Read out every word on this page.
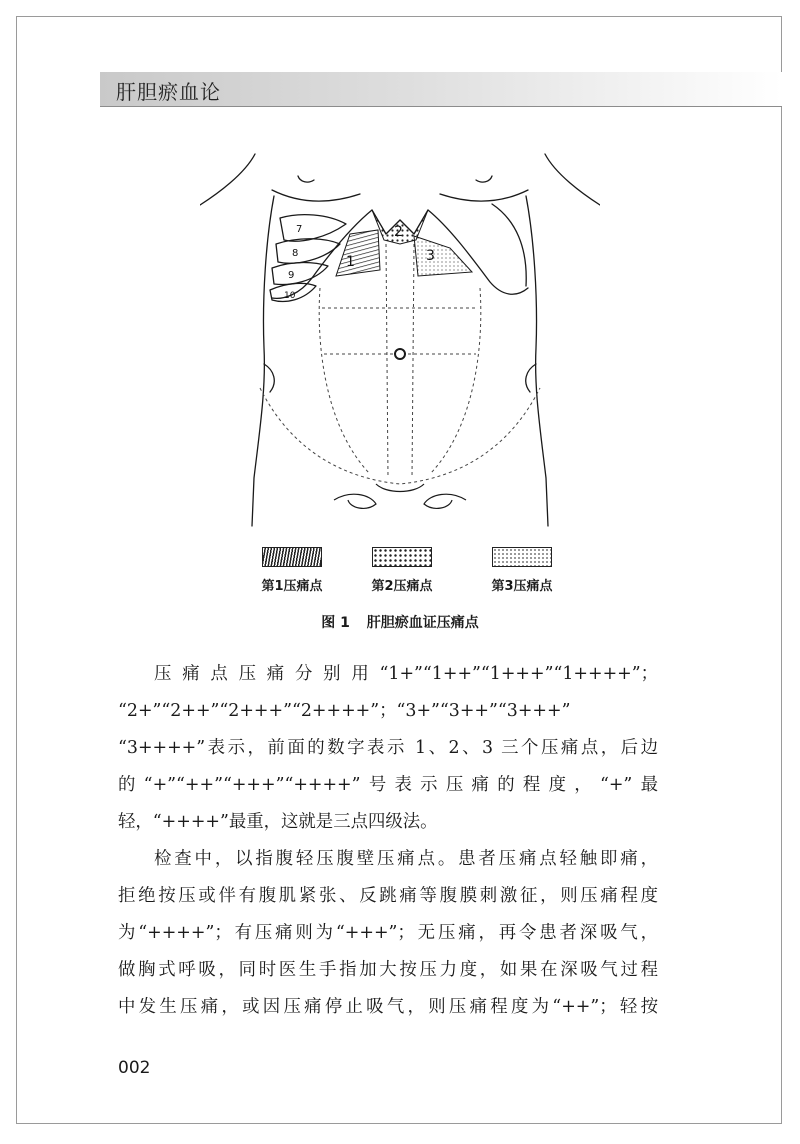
肝胆瘀血论
1
2
3
7
8
9
10
第1压痛点	第2压痛点	第3压痛点
图 1 肝胆瘀血证压痛点
压痛点压痛分别用“1+”“1++”“1+++”“1++++”；
“2+”“2++”“2+++”“2++++”；“3+”“3++”“3+++”
“3++++”表示，前面的数字表示 1、2、3 三个压痛点，后边
的“+”“++”“+++”“++++”号表示压痛的程度，“+”最
轻，“++++”最重，这就是三点四级法。
检查中，以指腹轻压腹壁压痛点。患者压痛点轻触即痛，
拒绝按压或伴有腹肌紧张、反跳痛等腹膜刺激征，则压痛程度
为“++++”；有压痛则为“+++”；无压痛，再令患者深吸气，
做胸式呼吸，同时医生手指加大按压力度，如果在深吸气过程
中发生压痛，或因压痛停止吸气，则压痛程度为“++”；轻按
002
